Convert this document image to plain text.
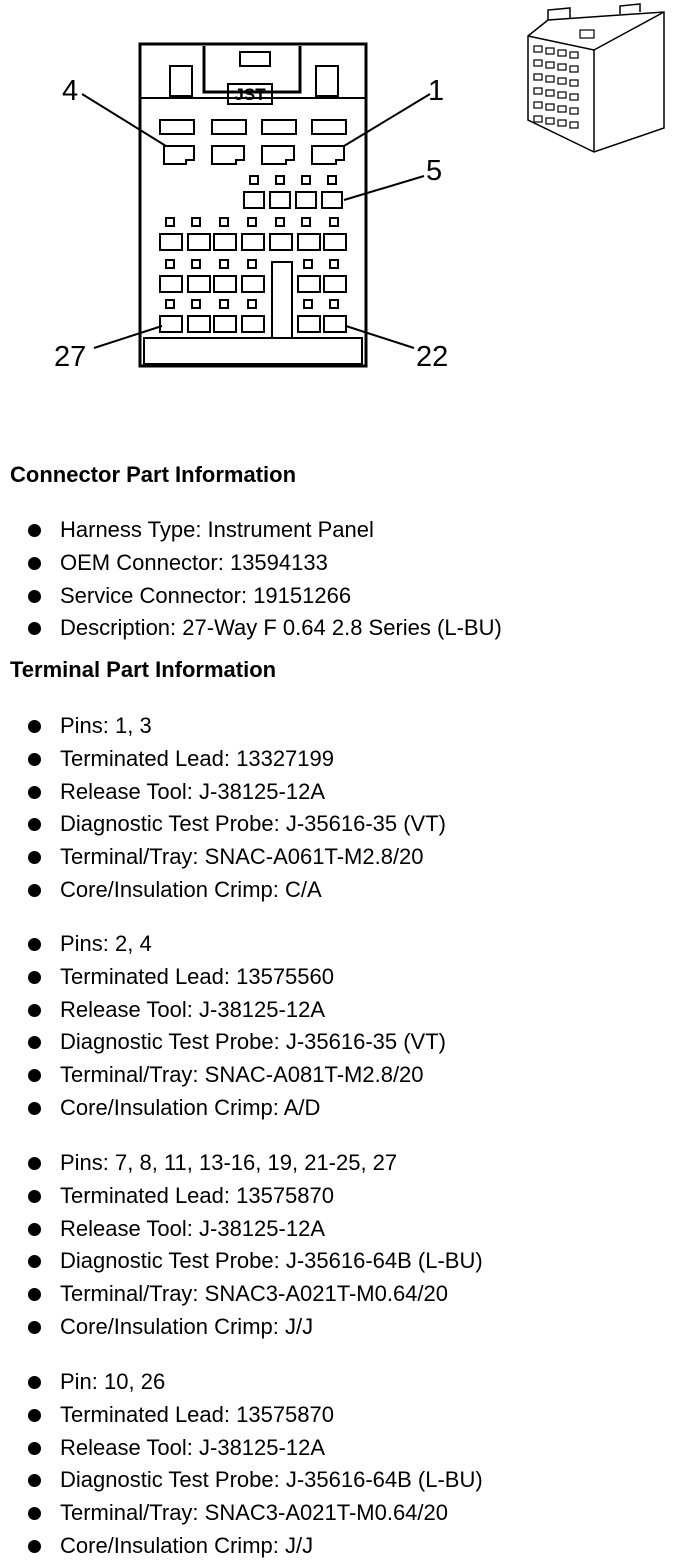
JST
4	1
5
27	22
Connector Part Information
Harness Type: Instrument Panel
OEM Connector: 13594133
Service Connector: 19151266
Description: 27-Way F 0.64 2.8 Series (L-BU)
Terminal Part Information
Pins: 1, 3
Terminated Lead: 13327199
Release Tool: J-38125-12A
Diagnostic Test Probe: J-35616-35 (VT)
Terminal/Tray: SNAC-A061T-M2.8/20
Core/Insulation Crimp: C/A
Pins: 2, 4
Terminated Lead: 13575560
Release Tool: J-38125-12A
Diagnostic Test Probe: J-35616-35 (VT)
Terminal/Tray: SNAC-A081T-M2.8/20
Core/Insulation Crimp: A/D
Pins: 7, 8, 11, 13-16, 19, 21-25, 27
Terminated Lead: 13575870
Release Tool: J-38125-12A
Diagnostic Test Probe: J-35616-64B (L-BU)
Terminal/Tray: SNAC3-A021T-M0.64/20
Core/Insulation Crimp: J/J
Pin: 10, 26
Terminated Lead: 13575870
Release Tool: J-38125-12A
Diagnostic Test Probe: J-35616-64B (L-BU)
Terminal/Tray: SNAC3-A021T-M0.64/20
Core/Insulation Crimp: J/J
